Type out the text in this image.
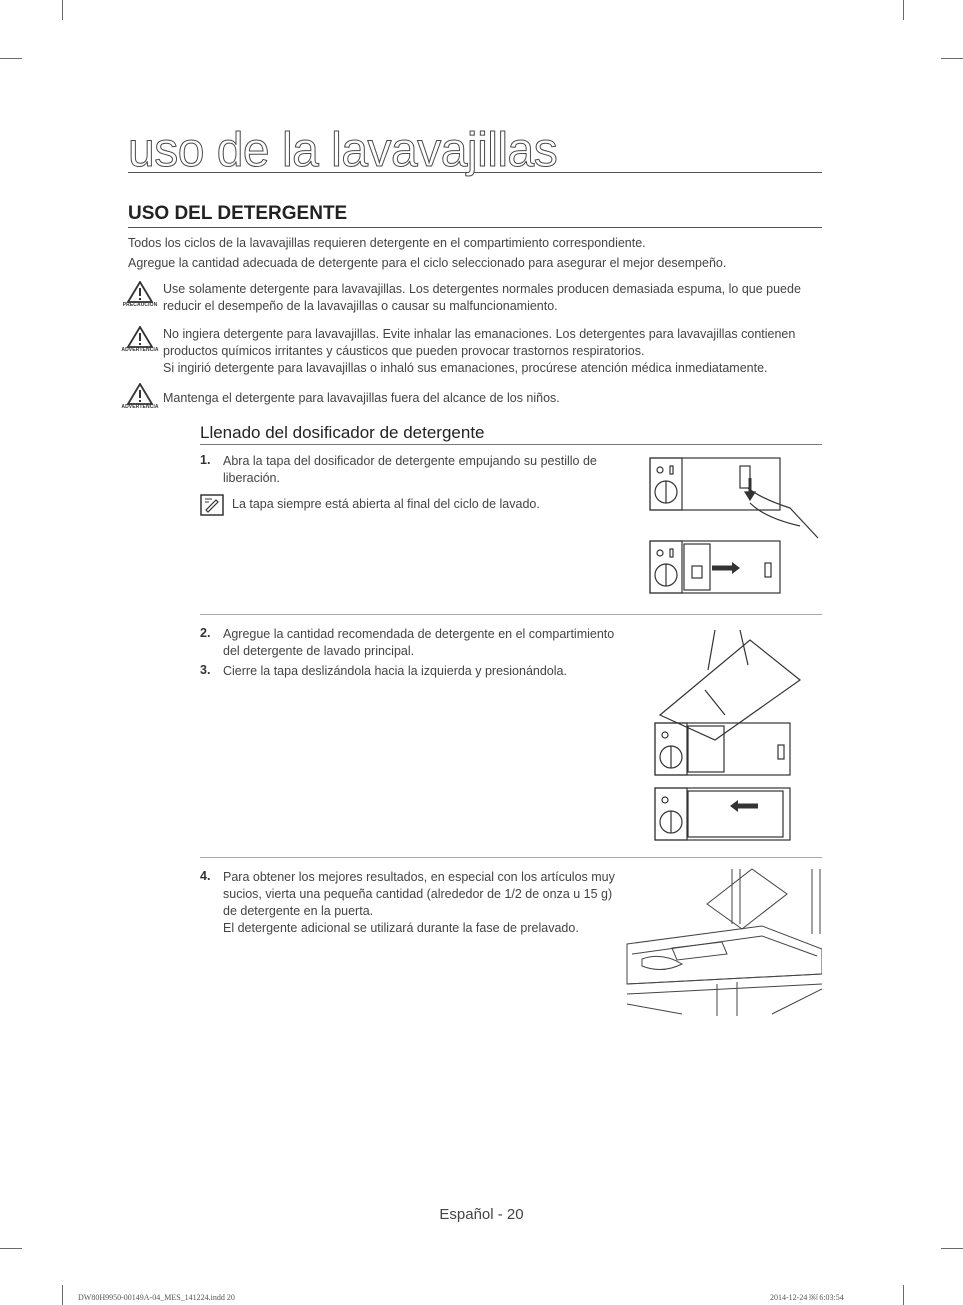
uso de la lavavajillas
USO DEL DETERGENTE
Todos los ciclos de la lavavajillas requieren detergente en el compartimiento correspondiente.
Agregue la cantidad adecuada de detergente para el ciclo seleccionado para asegurar el mejor desempeño.
PRECAUCIÓN
Use solamente detergente para lavavajillas. Los detergentes normales producen demasiada espuma, lo que puede
reducir el desempeño de la lavavajillas o causar su malfuncionamiento.
ADVERTENCIA
No ingiera detergente para lavavajillas. Evite inhalar las emanaciones. Los detergentes para lavavajillas contienen
productos químicos irritantes y cáusticos que pueden provocar trastornos respiratorios.
Si ingirió detergente para lavavajillas o inhaló sus emanaciones, procúrese atención médica inmediatamente.
ADVERTENCIA
Mantenga el detergente para lavavajillas fuera del alcance de los niños.
Llenado del dosificador de detergente
1. Abra la tapa del dosificador de detergente empujando su pestillo de
liberación.
La tapa siempre está abierta al final del ciclo de lavado.
2. Agregue la cantidad recomendada de detergente en el compartimiento
del detergente de lavado principal.
3. Cierre la tapa deslizándola hacia la izquierda y presionándola.
4. Para obtener los mejores resultados, en especial con los artículos muy
sucios, vierta una pequeña cantidad (alrededor de 1/2 de onza u 15 g)
de detergente en la puerta.
El detergente adicional se utilizará durante la fase de prelavado.
Español - 20
DW80H9950-00149A-04_MES_141224.indd 20	2014-12-24 ￼ 6:03:54
